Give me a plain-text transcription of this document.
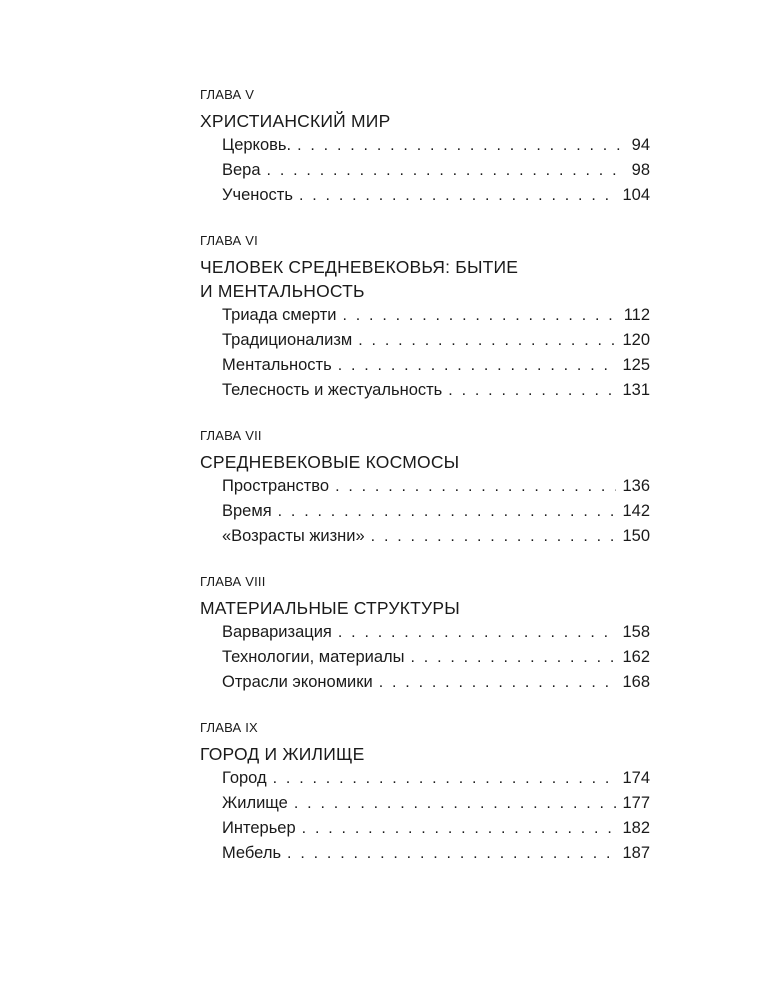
ГЛАВА V
ХРИСТИАНСКИЙ МИР
Церковь. . . .	94
Вера . . .	98
Ученость . . .	104
ГЛАВА VI
ЧЕЛОВЕК СРЕДНЕВЕКОВЬЯ: БЫТИЕ
И МЕНТАЛЬНОСТЬ
Триада смерти . . .	112
Традиционализм . . .	120
Ментальность . . .	125
Телесность и жестуальность . . .	131
ГЛАВА VII
СРЕДНЕВЕКОВЫЕ КОСМОСЫ
Пространство . . .	136
Время . . .	142
«Возрасты жизни» . . .	150
ГЛАВА VIII
МАТЕРИАЛЬНЫЕ СТРУКТУРЫ
Варваризация . . .	158
Технологии, материалы . . .	162
Отрасли экономики . . .	168
ГЛАВА IX
ГОРОД И ЖИЛИЩЕ
Город . . .	174
Жилище . . .	177
Интерьер . . .	182
Мебель . . .	187
